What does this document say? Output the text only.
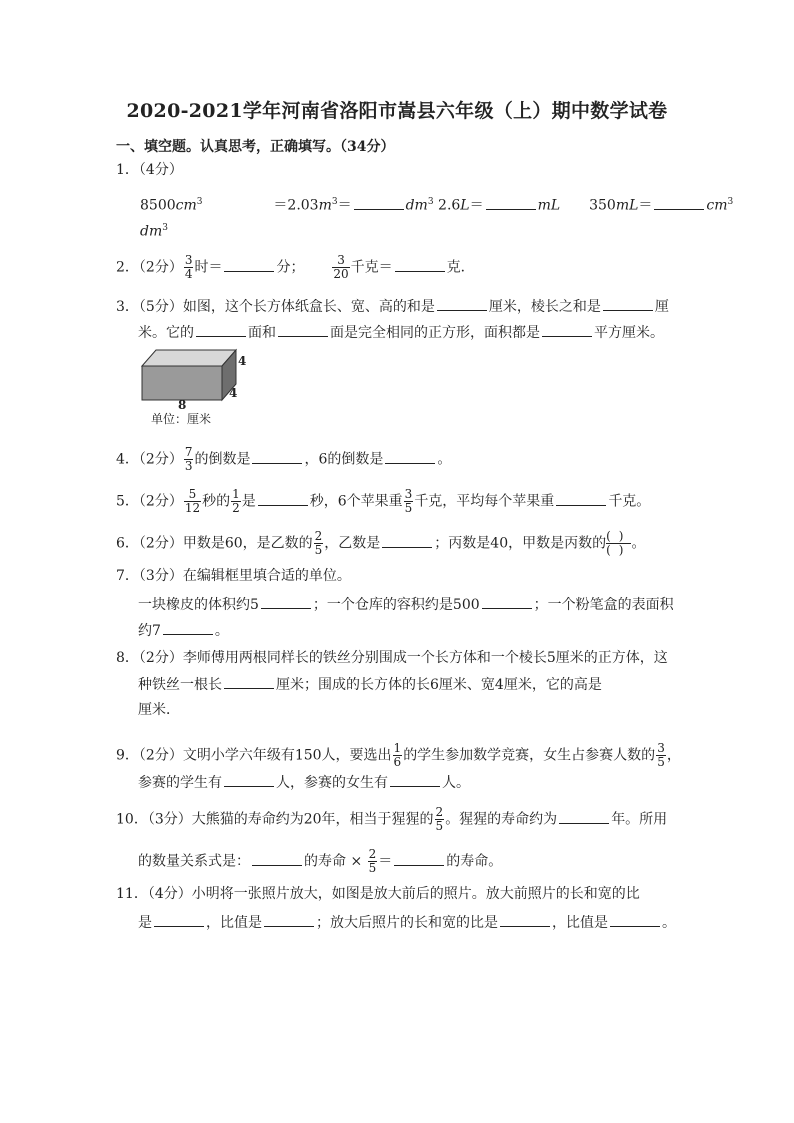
2020-2021学年河南省洛阳市嵩县六年级（上）期中数学试卷
一、填空题。认真思考，正确填写。（34分）
1．（4分）
$8500cm^3$	$=2.03m^3=$	$dm^3$ 2.6L＝	mL 350mL＝	$cm^3$
$dm^3$
2．（2分） $\frac{3}{4}$ 时＝	分； $\frac{3}{20}$ 千克＝	克．
3．（5分）如图，这个长方体纸盒长、宽、高的和是	厘米，棱长之和是	厘
米。它的	面和	面是完全相同的正方形，面积都是	平方厘米。
4
4
8
单位：厘米
4．（2分） $\frac{7}{3}$ 的倒数是	，6的倒数是	。
5．（2分） $\frac{5}{12}$ 秒的 $\frac{1}{2}$ 是	秒，6个苹果重 $\frac{3}{5}$ 千克，平均每个苹果重	千克。
6．（2分）甲数是60，是乙数的 $\frac{2}{5}$ ，乙数是	；丙数是40，甲数是丙数的 $\frac{()}{()}$ 。
7．（3分）在编辑框里填合适的单位。
一块橡皮的体积约5	；一个仓库的容积约是500	；一个粉笔盒的表面积
约7	。
8．（2分）李师傅用两根同样长的铁丝分别围成一个长方体和一个棱长5厘米的正方体，这
种铁丝一根长	厘米；围成的长方体的长6厘米、宽4厘米，它的高是
厘米．
9．（2分）文明小学六年级有150人，要选出 $\frac{1}{6}$ 的学生参加数学竞赛，女生占参赛人数的 $\frac{3}{5}$ ，
参赛的学生有	人，参赛的女生有	人。
10．（3分）大熊猫的寿命约为20年，相当于猩猩的 $\frac{2}{5}$ 。猩猩的寿命约为	年。所用
的数量关系式是：	的寿命 × $\frac{2}{5}$ ＝	的寿命。
11．（4分）小明将一张照片放大，如图是放大前后的照片。放大前照片的长和宽的比
是	，比值是	；放大后照片的长和宽的比是	，比值是	。
